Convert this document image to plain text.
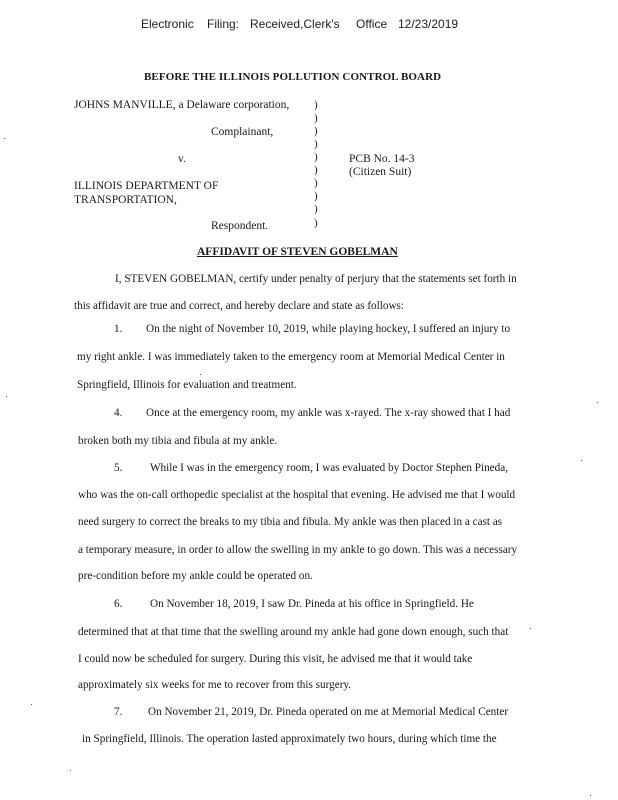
Electronic Filing: Received,Clerk's Office 12/23/2019
BEFORE THE ILLINOIS POLLUTION CONTROL BOARD
JOHNS MANVILLE, a Delaware corporation,
Complainant,
v.
ILLINOIS DEPARTMENT OF
TRANSPORTATION,
Respondent.
PCB No. 14-3
(Citizen Suit)
)
)
)
)
)
)
)
)
)
)
AFFIDAVIT OF STEVEN GOBELMAN
1.
4.
5.
6.
7.
I, STEVEN GOBELMAN, certify under penalty of perjury that the statements set forth in
this affidavit are true and correct, and hereby declare and state as follows:
On the night of November 10, 2019, while playing hockey, I suffered an injury to
my right ankle. I was immediately taken to the emergency room at Memorial Medical Center in
Springfield, Illinois for evaluation and treatment.
Once at the emergency room, my ankle was x-rayed. The x-ray showed that I had
broken both my tibia and fibula at my ankle.
While I was in the emergency room, I was evaluated by Doctor Stephen Pineda,
who was the on-call orthopedic specialist at the hospital that evening. He advised me that I would
need surgery to correct the breaks to my tibia and fibula. My ankle was then placed in a cast as
a temporary measure, in order to allow the swelling in my ankle to go down. This was a necessary
pre-condition before my ankle could be operated on.
On November 18, 2019, I saw Dr. Pineda at his office in Springfield. He
determined that at that time that the swelling around my ankle had gone down enough, such that
I could now be scheduled for surgery. During this visit, he advised me that it would take
approximately six weeks for me to recover from this surgery.
On November 21, 2019, Dr. Pineda operated on me at Memorial Medical Center
in Springfield, Illinois. The operation lasted approximately two hours, during which time the
